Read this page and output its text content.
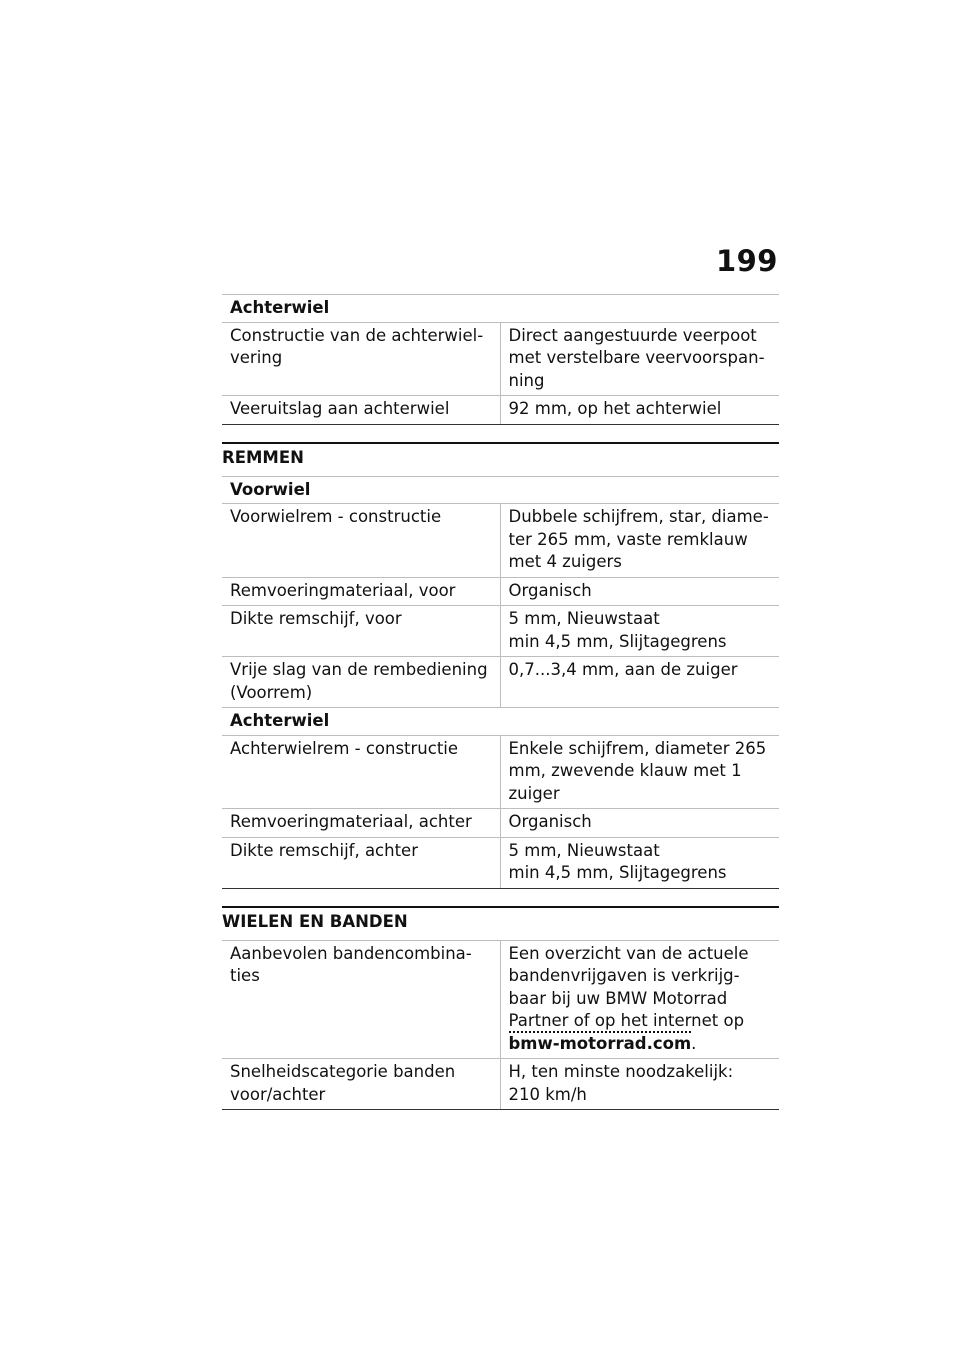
199
Achterwiel	
Constructie van de achterwiel-vering	Direct aangestuurde veerpoot met verstelbare veervoorspan-ning
Veeruitslag aan achterwiel	92 mm, op het achterwiel
REMMEN
Voorwiel	
Voorwielrem - constructie	Dubbele schijfrem, star, diame-ter 265 mm, vaste remklauw met 4 zuigers
Remvoeringmateriaal, voor	Organisch
Dikte remschijf, voor	5 mm, Nieuwstaat
min 4,5 mm, Slijtagegrens

Vrije slag van de rembediening (Voorrem)	0,7...3,4 mm, aan de zuiger
Achterwiel	
Achterwielrem - constructie	Enkele schijfrem, diameter 265 mm, zwevende klauw met 1 zuiger
Remvoeringmateriaal, achter	Organisch
Dikte remschijf, achter	5 mm, Nieuwstaat
min 4,5 mm, Slijtagegrens
WIELEN EN BANDEN
Aanbevolen bandencombina-ties	Een overzicht van de actuele bandenvrijgaven is verkrijg-baar bij uw BMW Motorrad Partner of op het internet op bmw-motorrad.com.
Snelheidscategorie banden voor/achter	H, ten minste noodzakelijk:
210 km/h
